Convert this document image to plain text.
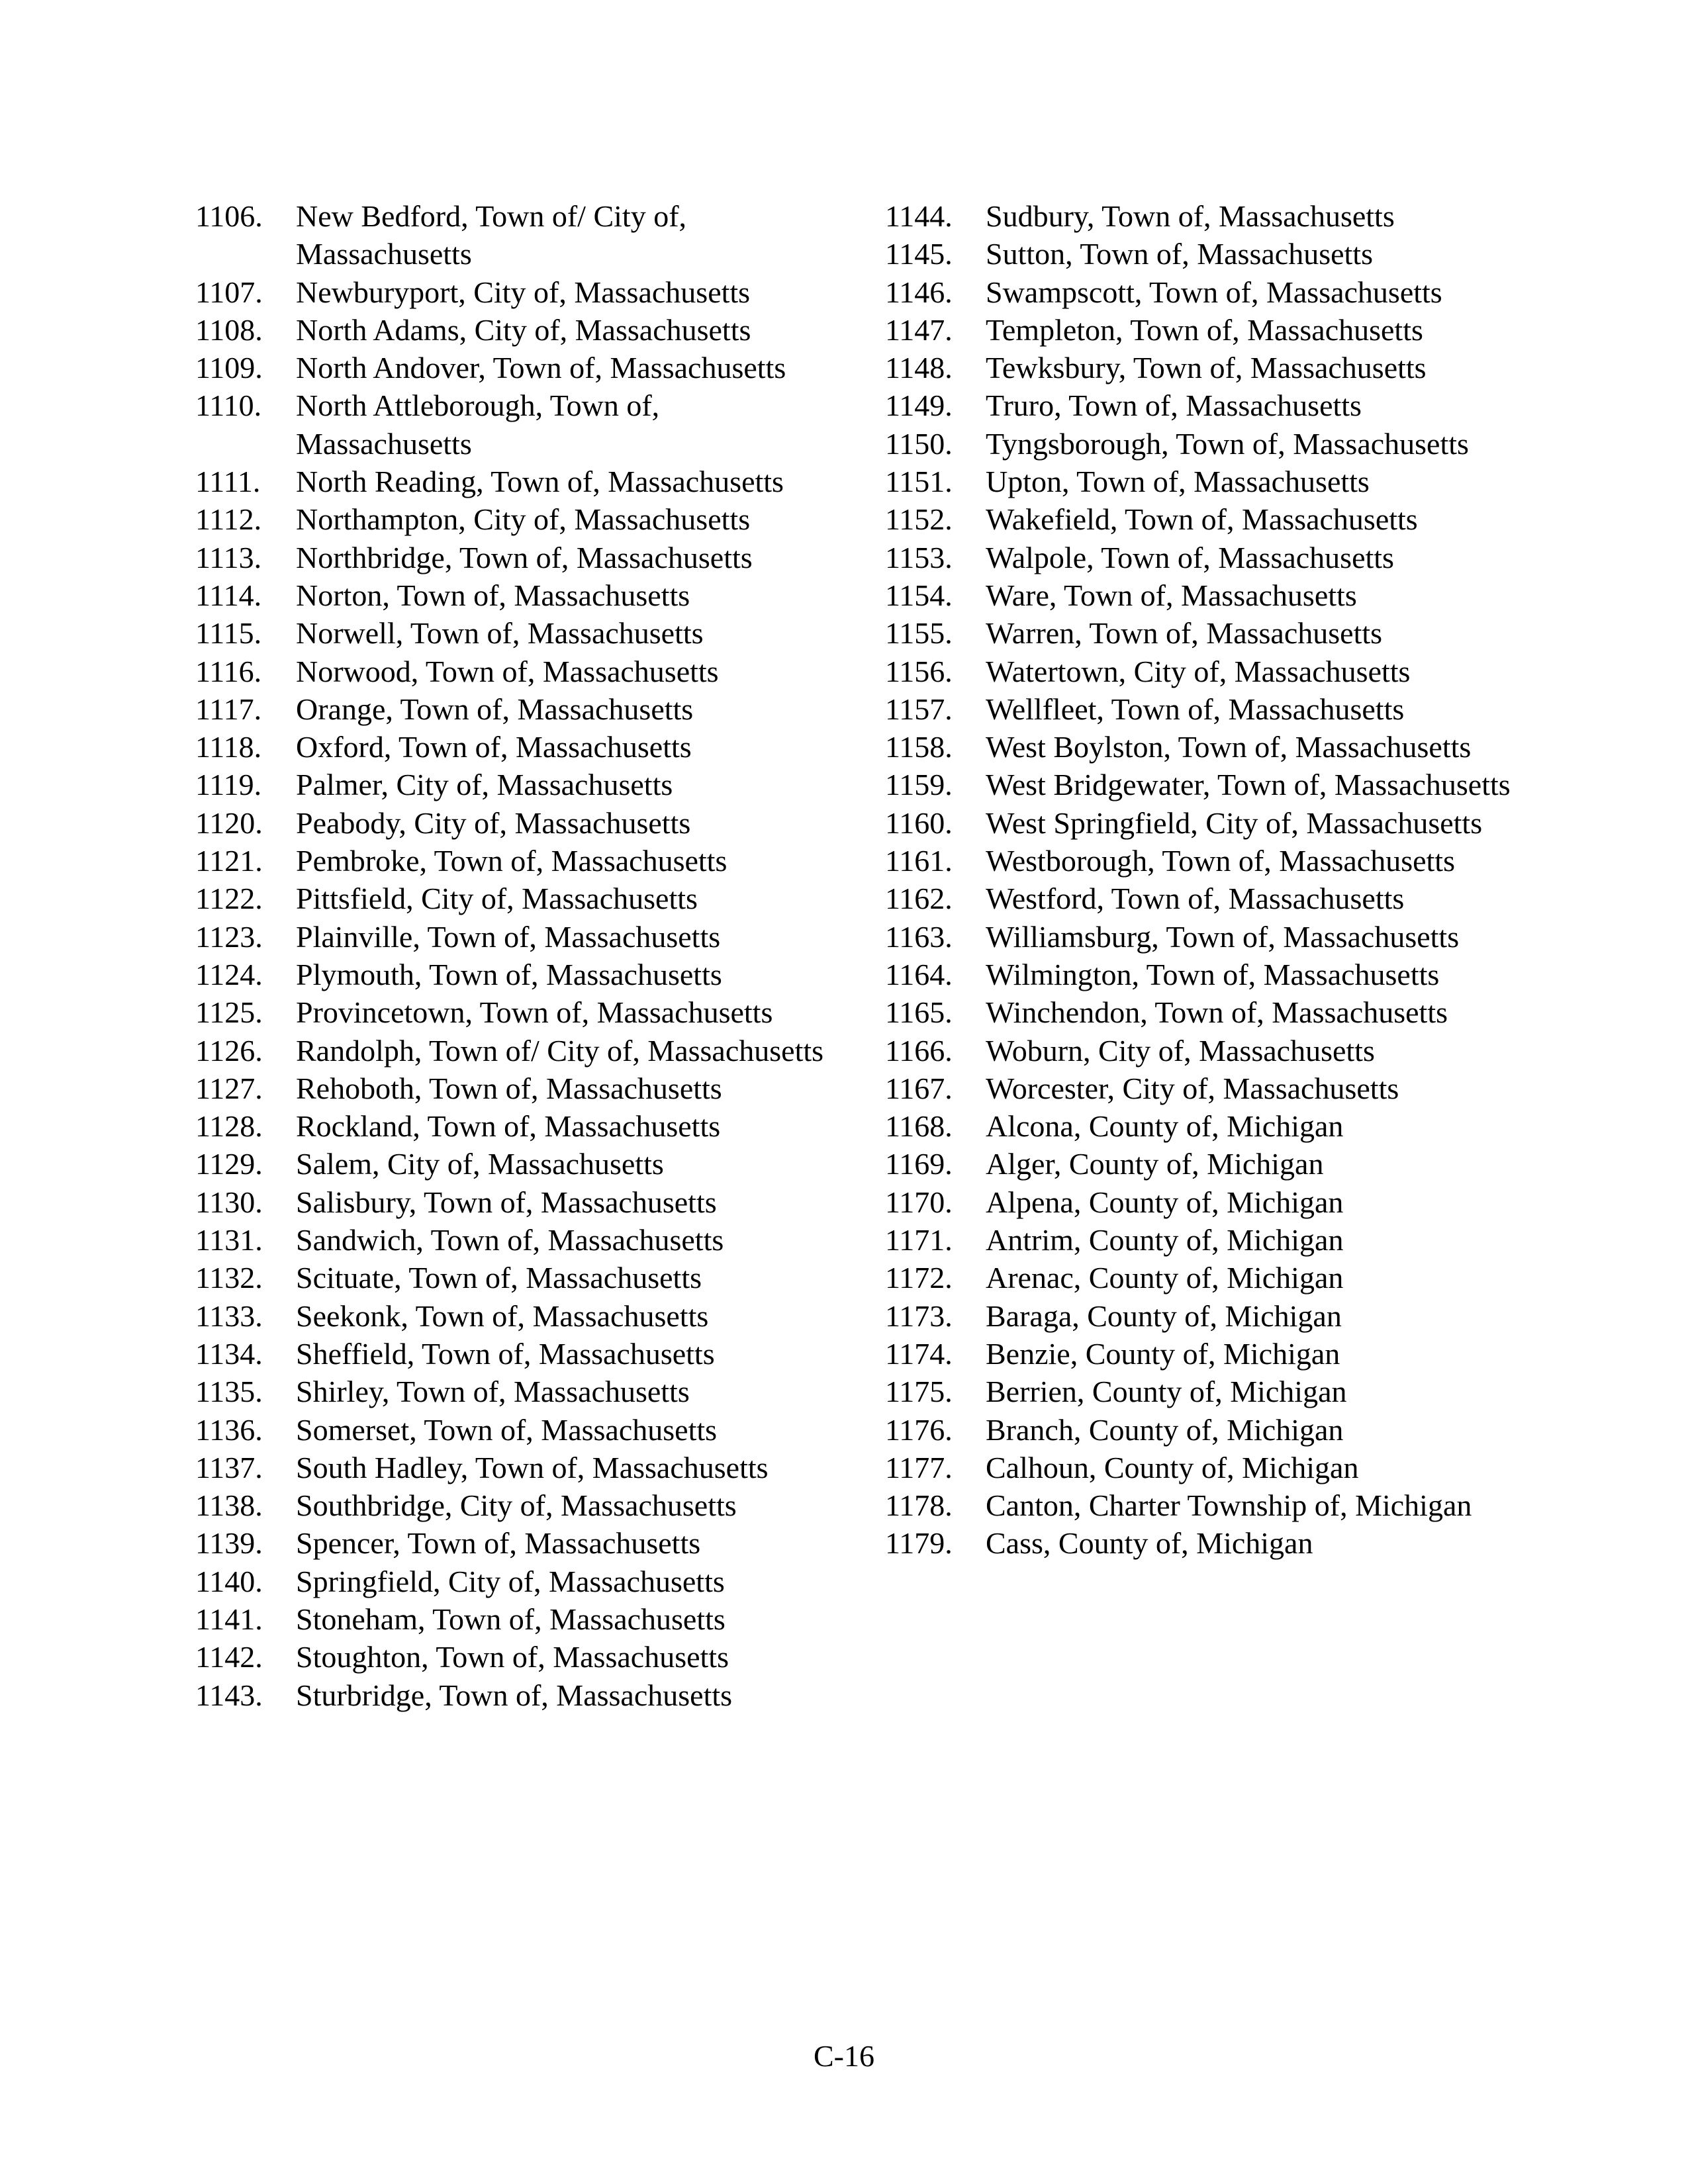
1106.	New Bedford, Town of/ City of, Massachusetts
1107.	Newburyport, City of, Massachusetts
1108.	North Adams, City of, Massachusetts
1109.	North Andover, Town of, Massachusetts
1110.	North Attleborough, Town of, Massachusetts
1111.	North Reading, Town of, Massachusetts
1112.	Northampton, City of, Massachusetts
1113.	Northbridge, Town of, Massachusetts
1114.	Norton, Town of, Massachusetts
1115.	Norwell, Town of, Massachusetts
1116.	Norwood, Town of, Massachusetts
1117.	Orange, Town of, Massachusetts
1118.	Oxford, Town of, Massachusetts
1119.	Palmer, City of, Massachusetts
1120.	Peabody, City of, Massachusetts
1121.	Pembroke, Town of, Massachusetts
1122.	Pittsfield, City of, Massachusetts
1123.	Plainville, Town of, Massachusetts
1124.	Plymouth, Town of, Massachusetts
1125.	Provincetown, Town of, Massachusetts
1126.	Randolph, Town of/ City of, Massachusetts
1127.	Rehoboth, Town of, Massachusetts
1128.	Rockland, Town of, Massachusetts
1129.	Salem, City of, Massachusetts
1130.	Salisbury, Town of, Massachusetts
1131.	Sandwich, Town of, Massachusetts
1132.	Scituate, Town of, Massachusetts
1133.	Seekonk, Town of, Massachusetts
1134.	Sheffield, Town of, Massachusetts
1135.	Shirley, Town of, Massachusetts
1136.	Somerset, Town of, Massachusetts
1137.	South Hadley, Town of, Massachusetts
1138.	Southbridge, City of, Massachusetts
1139.	Spencer, Town of, Massachusetts
1140.	Springfield, City of, Massachusetts
1141.	Stoneham, Town of, Massachusetts
1142.	Stoughton, Town of, Massachusetts
1143.	Sturbridge, Town of, Massachusetts
1144.	Sudbury, Town of, Massachusetts
1145.	Sutton, Town of, Massachusetts
1146.	Swampscott, Town of, Massachusetts
1147.	Templeton, Town of, Massachusetts
1148.	Tewksbury, Town of, Massachusetts
1149.	Truro, Town of, Massachusetts
1150.	Tyngsborough, Town of, Massachusetts
1151.	Upton, Town of, Massachusetts
1152.	Wakefield, Town of, Massachusetts
1153.	Walpole, Town of, Massachusetts
1154.	Ware, Town of, Massachusetts
1155.	Warren, Town of, Massachusetts
1156.	Watertown, City of, Massachusetts
1157.	Wellfleet, Town of, Massachusetts
1158.	West Boylston, Town of, Massachusetts
1159.	West Bridgewater, Town of, Massachusetts
1160.	West Springfield, City of, Massachusetts
1161.	Westborough, Town of, Massachusetts
1162.	Westford, Town of, Massachusetts
1163.	Williamsburg, Town of, Massachusetts
1164.	Wilmington, Town of, Massachusetts
1165.	Winchendon, Town of, Massachusetts
1166.	Woburn, City of, Massachusetts
1167.	Worcester, City of, Massachusetts
1168.	Alcona, County of, Michigan
1169.	Alger, County of, Michigan
1170.	Alpena, County of, Michigan
1171.	Antrim, County of, Michigan
1172.	Arenac, County of, Michigan
1173.	Baraga, County of, Michigan
1174.	Benzie, County of, Michigan
1175.	Berrien, County of, Michigan
1176.	Branch, County of, Michigan
1177.	Calhoun, County of, Michigan
1178.	Canton, Charter Township of, Michigan
1179.	Cass, County of, Michigan
C-16
